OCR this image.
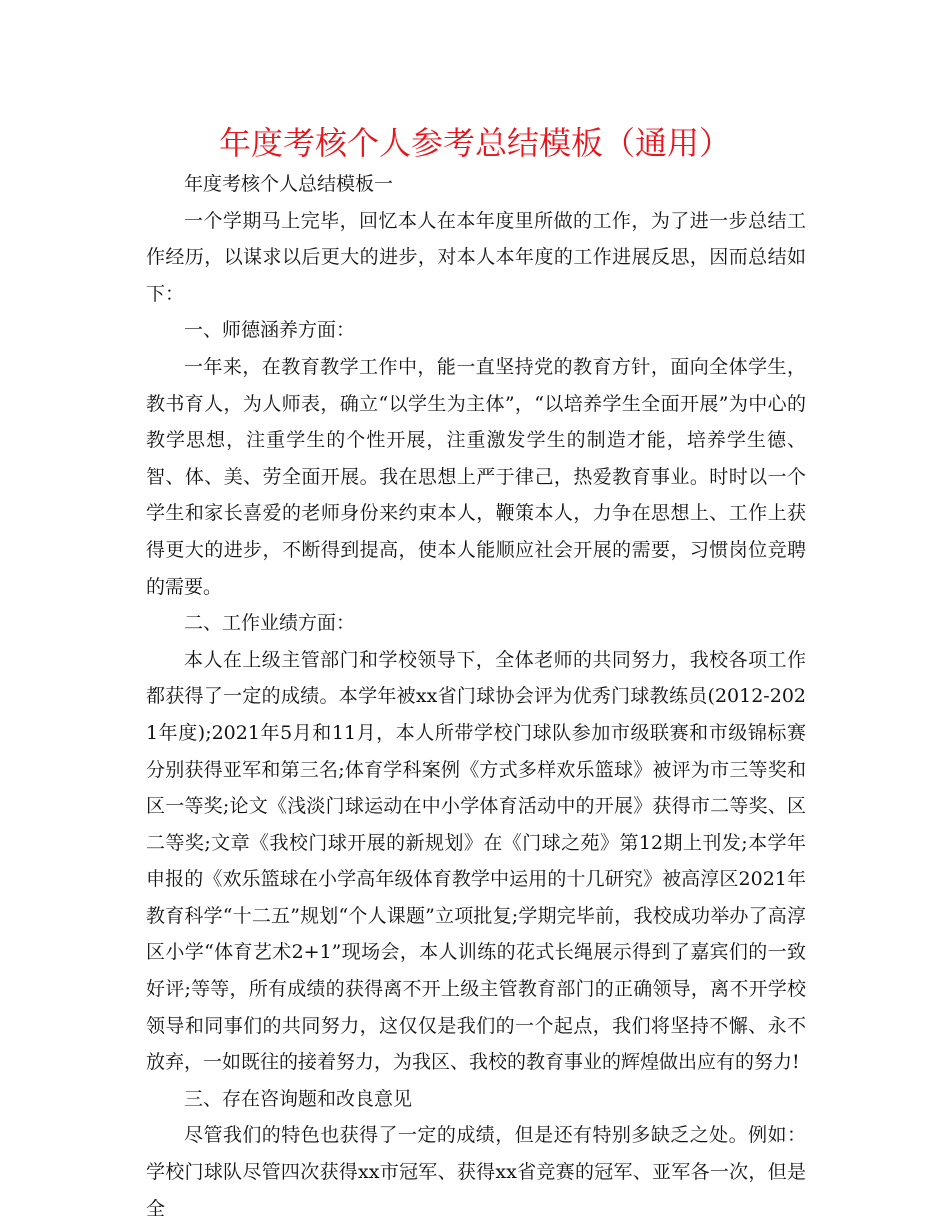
年度考核个人参考总结模板（通用）

年度考核个人总结模板一

一个学期马上完毕，回忆本人在本年度里所做的工作，为了进一步总结工作经历，以谋求以后更大的进步，对本人本年度的工作进展反思，因而总结如下：

一、师德涵养方面：

一年来，在教育教学工作中，能一直坚持党的教育方针，面向全体学生，教书育人，为人师表，确立“以学生为主体”，“以培养学生全面开展”为中心的教学思想，注重学生的个性开展，注重激发学生的制造才能，培养学生德、智、体、美、劳全面开展。我在思想上严于律己，热爱教育事业。时时以一个学生和家长喜爱的老师身份来约束本人，鞭策本人，力争在思想上、工作上获得更大的进步，不断得到提高，使本人能顺应社会开展的需要，习惯岗位竞聘的需要。

二、工作业绩方面：

本人在上级主管部门和学校领导下，全体老师的共同努力，我校各项工作都获得了一定的成绩。本学年被xx省门球协会评为优秀门球教练员(2012-2021年度);2021年5月和11月，本人所带学校门球队参加市级联赛和市级锦标赛分别获得亚军和第三名;体育学科案例《方式多样欢乐篮球》被评为市三等奖和区一等奖;论文《浅淡门球运动在中小学体育活动中的开展》获得市二等奖、区二等奖;文章《我校门球开展的新规划》在《门球之苑》第12期上刊发;本学年申报的《欢乐篮球在小学高年级体育教学中运用的十几研究》被高淳区2021年教育科学“十二五”规划“个人课题”立项批复;学期完毕前，我校成功举办了高淳区小学“体育艺术2+1”现场会，本人训练的花式长绳展示得到了嘉宾们的一致好评;等等，所有成绩的获得离不开上级主管教育部门的正确领导，离不开学校领导和同事们的共同努力，这仅仅是我们的一个起点，我们将坚持不懈、永不放弃，一如既往的接着努力，为我区、我校的教育事业的辉煌做出应有的努力!

三、存在咨询题和改良意见

尽管我们的特色也获得了一定的成绩，但是还有特别多缺乏之处。例如：学校门球队尽管四次获得xx市冠军、获得xx省竞赛的冠军、亚军各一次，但是全
